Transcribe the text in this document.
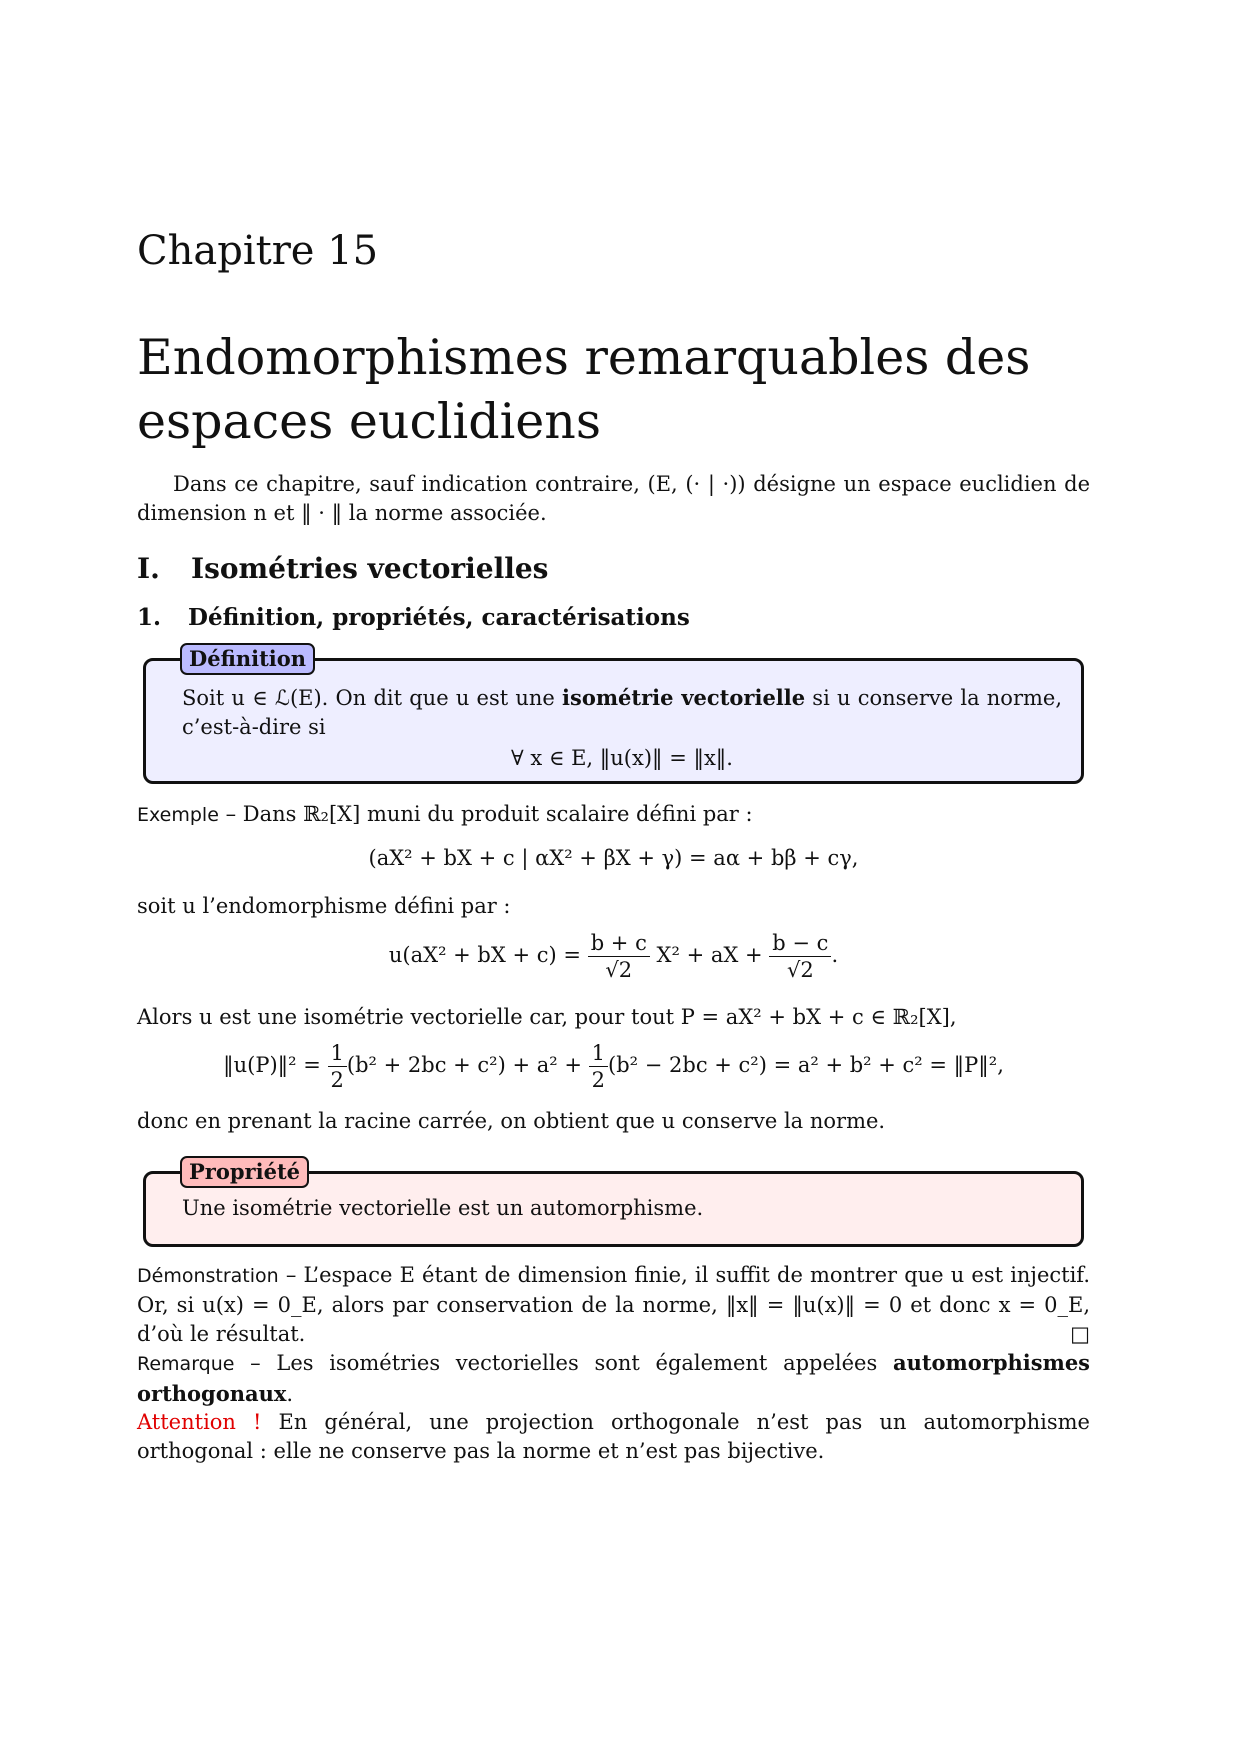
Chapitre 15
Endomorphismes remarquables des espaces euclidiens
Dans ce chapitre, sauf indication contraire, (E, (· | ·)) désigne un espace euclidien de dimension n et ‖ · ‖ la norme associée.
I. Isométries vectorielles
1. Définition, propriétés, caractérisations
Définition
Soit u ∈ ℒ(E). On dit que u est une isométrie vectorielle si u conserve la norme, c’est-à-dire si
∀ x ∈ E, ‖u(x)‖ = ‖x‖.
Exemple – Dans ℝ₂[X] muni du produit scalaire défini par :
(aX² + bX + c | αX² + βX + γ) = aα + bβ + cγ,
soit u l’endomorphisme défini par :
u(aX² + bX + $c) = \frac{b + c}{√2} X^2$ + aX + $\frac{b - c}{√2}$ .
Alors u est une isométrie vectorielle car, pour tout P = aX² + bX + c ∈ ℝ₂[X],
‖u(P)‖² = $\frac{1}{2} (b^2 + 2bc + c^2) + a^2 + \frac{1}{2} (b^2 - 2bc + c^2) = a^2 + b^2 + c^2$ = ‖P‖²,
donc en prenant la racine carrée, on obtient que u conserve la norme.
Propriété
Une isométrie vectorielle est un automorphisme.
Démonstration – L’espace E étant de dimension finie, il suffit de montrer que u est injectif. Or, si u(x) = 0_E, alors par conservation de la norme, ‖x‖ = ‖u(x)‖ = 0 et donc x = 0_E, d’où le résultat.	□
Remarque – Les isométries vectorielles sont également appelées automorphismes orthogonaux.
Attention ! En général, une projection orthogonale n’est pas un automorphisme orthogonal : elle ne conserve pas la norme et n’est pas bijective.
